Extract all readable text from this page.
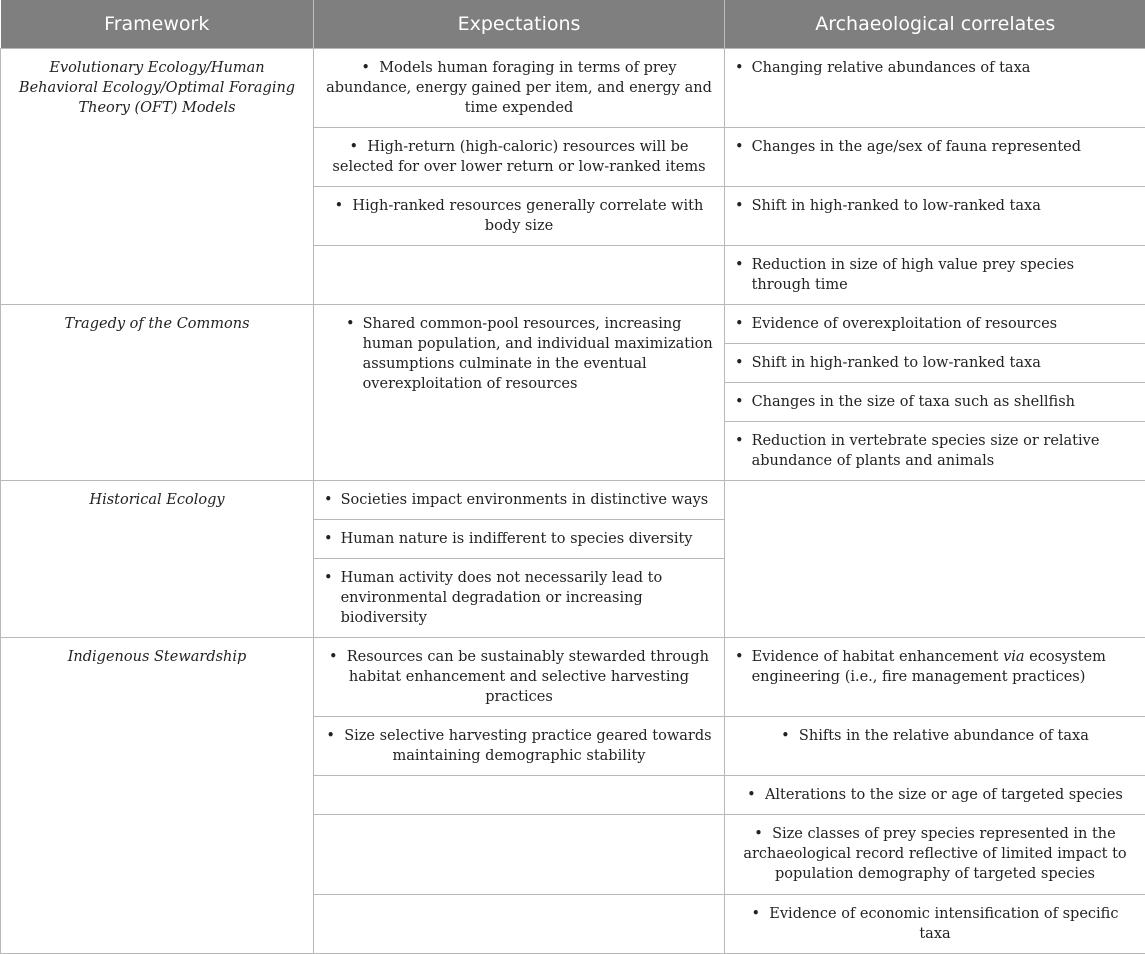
Framework	Expectations	Archaeological correlates
Evolutionary Ecology/Human Behavioral Ecology/Optimal Foraging Theory (OFT) Models	• Models human foraging in terms of prey abundance, energy gained per item, and energy and time expended	• Changing relative abundances of taxa

	• High-return (high-caloric) resources will be selected for over lower return or low-ranked items	• Changes in the age/sex of fauna represented

	• High-ranked resources generally correlate with body size	• Shift in high-ranked to low-ranked taxa

		• Reduction in size of high value prey species through time

Tragedy of the Commons	• Shared common-pool resources, increasing human population, and individual maximization assumptions culminate in the eventual overexploitation of resources	• Evidence of overexploitation of resources

		• Shift in high-ranked to low-ranked taxa

		• Changes in the size of taxa such as shellfish

		• Reduction in vertebrate species size or relative abundance of plants and animals

Historical Ecology	• Societies impact environments in distinctive ways	

	• Human nature is indifferent to species diversity	

	• Human activity does not necessarily lead to environmental degradation or increasing biodiversity	

Indigenous Stewardship	• Resources can be sustainably stewarded through habitat enhancement and selective harvesting practices	• Evidence of habitat enhancement via ecosystem engineering (i.e., fire management practices)

	• Size selective harvesting practice geared towards maintaining demographic stability	• Shifts in the relative abundance of taxa
		• Alterations to the size or age of targeted species
		• Size classes of prey species represented in the archaeological record reflective of limited impact to population demography of targeted species
		• Evidence of economic intensification of specific taxa
